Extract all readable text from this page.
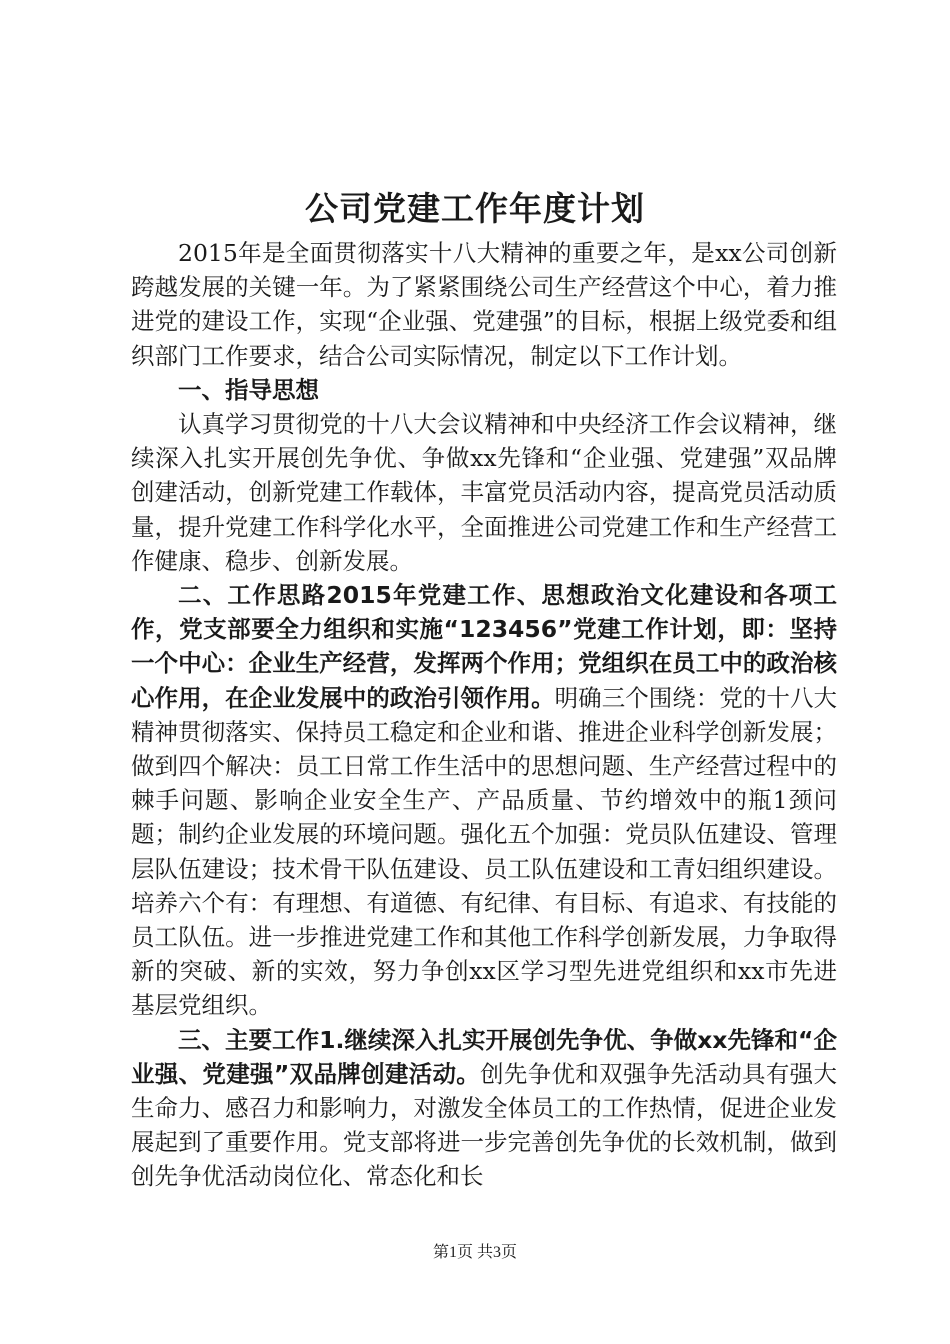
公司党建工作年度计划

2015年是全面贯彻落实十八大精神的重要之年，是xx公司创新跨越发展的关键一年。为了紧紧围绕公司生产经营这个中心，着力推进党的建设工作，实现“企业强、党建强”的目标，根据上级党委和组织部门工作要求，结合公司实际情况，制定以下工作计划。

一、指导思想

认真学习贯彻党的十八大会议精神和中央经济工作会议精神，继续深入扎实开展创先争优、争做xx先锋和“企业强、党建强”双品牌创建活动，创新党建工作载体，丰富党员活动内容，提高党员活动质量，提升党建工作科学化水平，全面推进公司党建工作和生产经营工作健康、稳步、创新发展。

二、工作思路2015年党建工作、思想政治文化建设和各项工作，党支部要全力组织和实施“123456”党建工作计划，即：坚持一个中心：企业生产经营，发挥两个作用；党组织在员工中的政治核心作用，在企业发展中的政治引领作用。明确三个围绕：党的十八大精神贯彻落实、保持员工稳定和企业和谐、推进企业科学创新发展；做到四个解决：员工日常工作生活中的思想问题、生产经营过程中的棘手问题、影响企业安全生产、产品质量、节约增效中的瓶1颈问题；制约企业发展的环境问题。强化五个加强：党员队伍建设、管理层队伍建设；技术骨干队伍建设、员工队伍建设和工青妇组织建设。培养六个有：有理想、有道德、有纪律、有目标、有追求、有技能的员工队伍。进一步推进党建工作和其他工作科学创新发展，力争取得新的突破、新的实效，努力争创xx区学习型先进党组织和xx市先进基层党组织。

三、主要工作1.继续深入扎实开展创先争优、争做xx先锋和“企业强、党建强”双品牌创建活动。创先争优和双强争先活动具有强大生命力、感召力和影响力，对激发全体员工的工作热情，促进企业发展起到了重要作用。党支部将进一步完善创先争优的长效机制，做到创先争优活动岗位化、常态化和长

第1页 共3页
